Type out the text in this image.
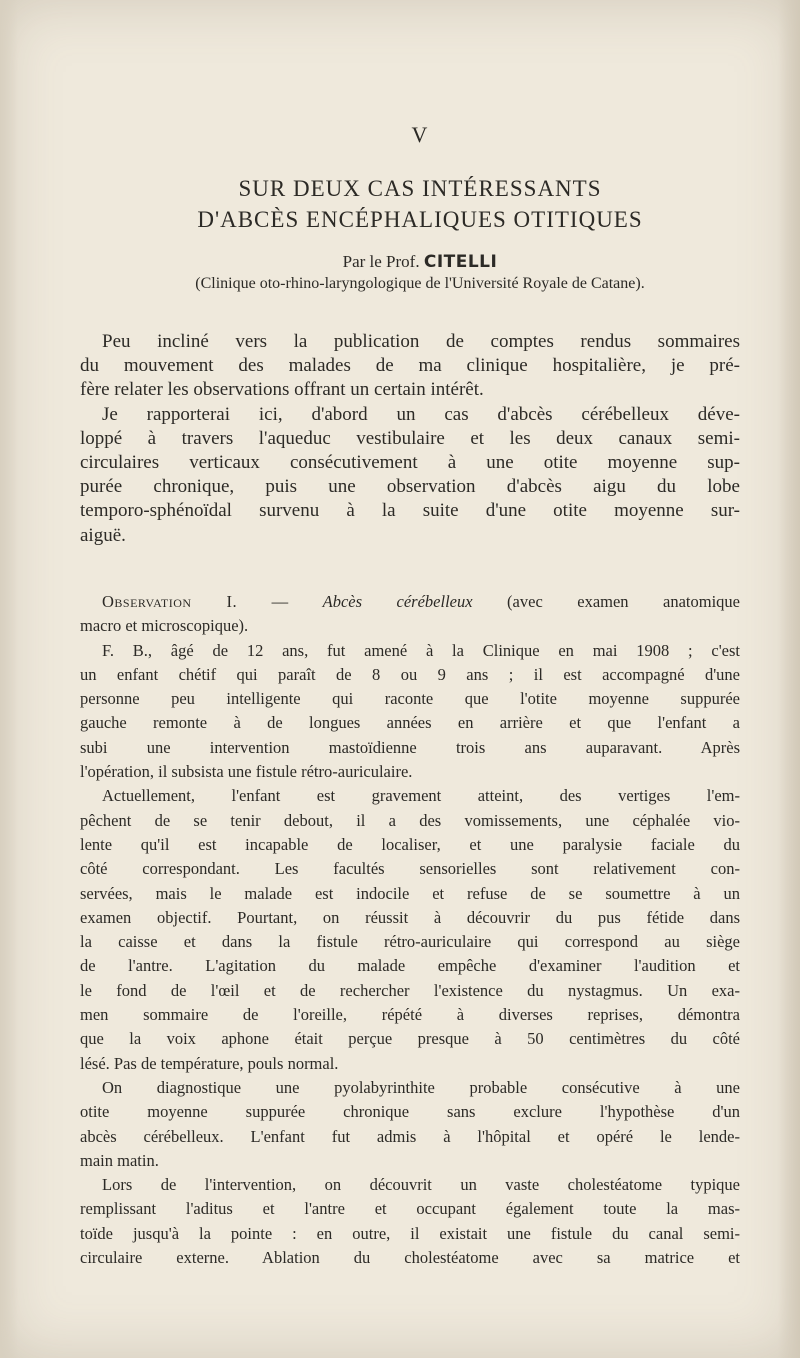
V
SUR DEUX CAS INTÉRESSANTS
D'ABCÈS ENCÉPHALIQUES OTITIQUES
Par le Prof. CITELLI
(Clinique oto-rhino-laryngologique de l'Université Royale de Catane).
Peu incliné vers la publication de comptes rendus sommaires
du mouvement des malades de ma clinique hospitalière, je pré-
fère relater les observations offrant un certain intérêt.
Je rapporterai ici, d'abord un cas d'abcès cérébelleux déve-
loppé à travers l'aqueduc vestibulaire et les deux canaux semi-
circulaires verticaux consécutivement à une otite moyenne sup-
purée chronique, puis une observation d'abcès aigu du lobe
temporo-sphénoïdal survenu à la suite d'une otite moyenne sur-
aiguë.
Observation I. — Abcès cérébelleux (avec examen anatomique
macro et microscopique).
F. B., âgé de 12 ans, fut amené à la Clinique en mai 1908 ; c'est
un enfant chétif qui paraît de 8 ou 9 ans ; il est accompagné d'une
personne peu intelligente qui raconte que l'otite moyenne suppurée
gauche remonte à de longues années en arrière et que l'enfant a
subi une intervention mastoïdienne trois ans auparavant. Après
l'opération, il subsista une fistule rétro-auriculaire.
Actuellement, l'enfant est gravement atteint, des vertiges l'em-
pêchent de se tenir debout, il a des vomissements, une céphalée vio-
lente qu'il est incapable de localiser, et une paralysie faciale du
côté correspondant. Les facultés sensorielles sont relativement con-
servées, mais le malade est indocile et refuse de se soumettre à un
examen objectif. Pourtant, on réussit à découvrir du pus fétide dans
la caisse et dans la fistule rétro-auriculaire qui correspond au siège
de l'antre. L'agitation du malade empêche d'examiner l'audition et
le fond de l'œil et de rechercher l'existence du nystagmus. Un exa-
men sommaire de l'oreille, répété à diverses reprises, démontra
que la voix aphone était perçue presque à 50 centimètres du côté
lésé. Pas de température, pouls normal.
On diagnostique une pyolabyrinthite probable consécutive à une
otite moyenne suppurée chronique sans exclure l'hypothèse d'un
abcès cérébelleux. L'enfant fut admis à l'hôpital et opéré le lende-
main matin.
Lors de l'intervention, on découvrit un vaste cholestéatome typique
remplissant l'aditus et l'antre et occupant également toute la mas-
toïde jusqu'à la pointe : en outre, il existait une fistule du canal semi-
circulaire externe. Ablation du cholestéatome avec sa matrice et
